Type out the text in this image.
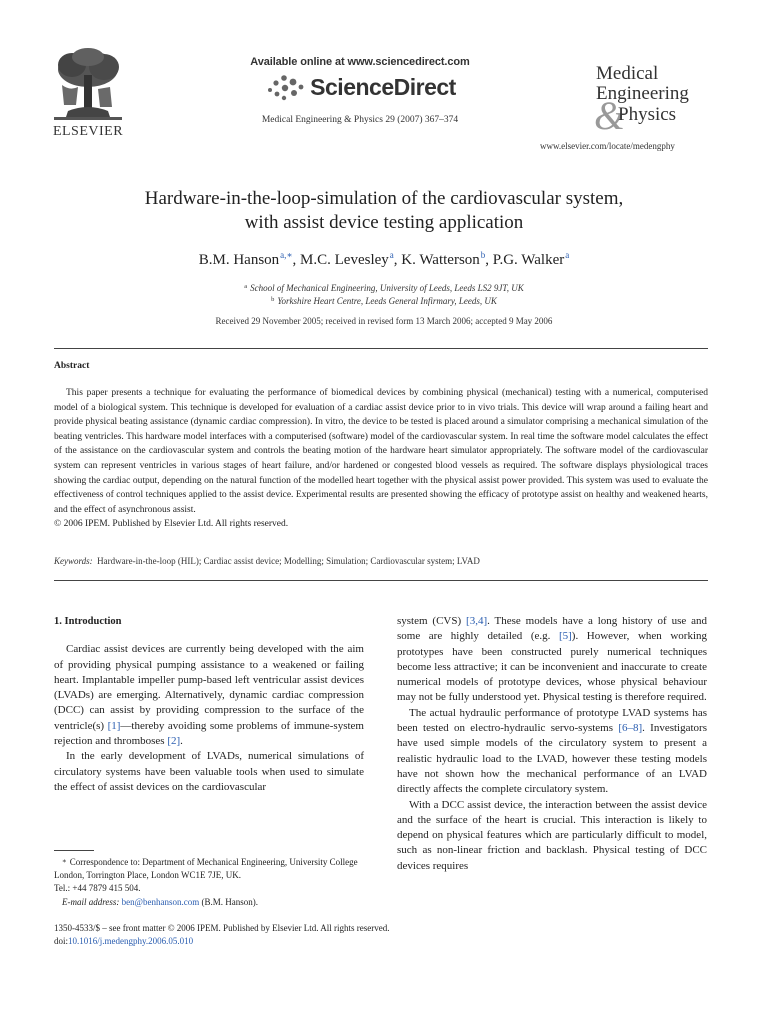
ELSEVIER
Available online at www.sciencedirect.com
ScienceDirect
Medical Engineering & Physics 29 (2007) 367–374
Medical
Engineering
&
Physics
www.elsevier.com/locate/medengphy
Hardware-in-the-loop-simulation of the cardiovascular system,
with assist device testing application
B.M. Hanson$^{a,∗}$, M.C. Levesley$^a$, K. Watterson$^b$, P.G. Walker$^a$
$^a$ School of Mechanical Engineering, University of Leeds, Leeds LS2 9JT, UK
$^b$ Yorkshire Heart Centre, Leeds General Infirmary, Leeds, UK
Received 29 November 2005; received in revised form 13 March 2006; accepted 9 May 2006
Abstract
This paper presents a technique for evaluating the performance of biomedical devices by combining physical (mechanical) testing with a numerical, computerised model of a biological system. This technique is developed for evaluation of a cardiac assist device prior to in vivo trials. This device will wrap around a failing heart and provide physical beating assistance (dynamic cardiac compression). In vitro, the device to be tested is placed around a simulator comprising a mechanical simulation of the beating ventricles. This hardware model interfaces with a computerised (software) model of the cardiovascular system. In real time the software model calculates the effect of the assistance on the cardiovascular system and controls the beating motion of the hardware heart simulator appropriately. The software model of the cardiovascular system can represent ventricles in various stages of heart failure, and/or hardened or congested blood vessels as required. The software displays physiological traces showing the cardiac output, depending on the natural function of the modelled heart together with the physical assist power provided. This system was used to evaluate the effectiveness of control techniques applied to the assist device. Experimental results are presented showing the efficacy of prototype assist on healthy and weakened hearts, and the effect of asynchronous assist.
© 2006 IPEM. Published by Elsevier Ltd. All rights reserved.
Keywords: Hardware-in-the-loop (HIL); Cardiac assist device; Modelling; Simulation; Cardiovascular system; LVAD
1. Introduction

Cardiac assist devices are currently being developed with the aim of providing physical pumping assistance to a weakened or failing heart. Implantable impeller pump-based left ventricular assist devices (LVADs) are emerging. Alternatively, dynamic cardiac compression (DCC) can assist by providing compression to the surface of the ventricle(s) [1]—thereby avoiding some problems of immune-system rejection and thromboses [2].

In the early development of LVADs, numerical simulations of circulatory systems have been valuable tools when used to simulate the effect of assist devices on the cardiovascular

system (CVS) [3,4]. These models have a long history of use and some are highly detailed (e.g. [5]). However, when working prototypes have been constructed purely numerical techniques become less attractive; it can be inconvenient and inaccurate to create numerical models of prototype devices, whose physical behaviour may not be fully understood yet. Physical testing is therefore required.

The actual hydraulic performance of prototype LVAD systems has been tested on electro-hydraulic servo-systems [6–8]. Investigators have used simple models of the circulatory system to present a realistic hydraulic load to the LVAD, however these testing models have not shown how the mechanical performance of an LVAD directly affects the complete circulatory system.

With a DCC assist device, the interaction between the assist device and the surface of the heart is crucial. This interaction is likely to depend on physical features which are particularly difficult to model, such as non-linear friction and backlash. Physical testing of DCC devices requires

∗ Correspondence to: Department of Mechanical Engineering, University College London, Torrington Place, London WC1E 7JE, UK.
Tel.: +44 7879 415 504.
E-mail address: ben@benhanson.com (B.M. Hanson).
1350-4533/$ – see front matter © 2006 IPEM. Published by Elsevier Ltd. All rights reserved.
doi:10.1016/j.medengphy.2006.05.010
